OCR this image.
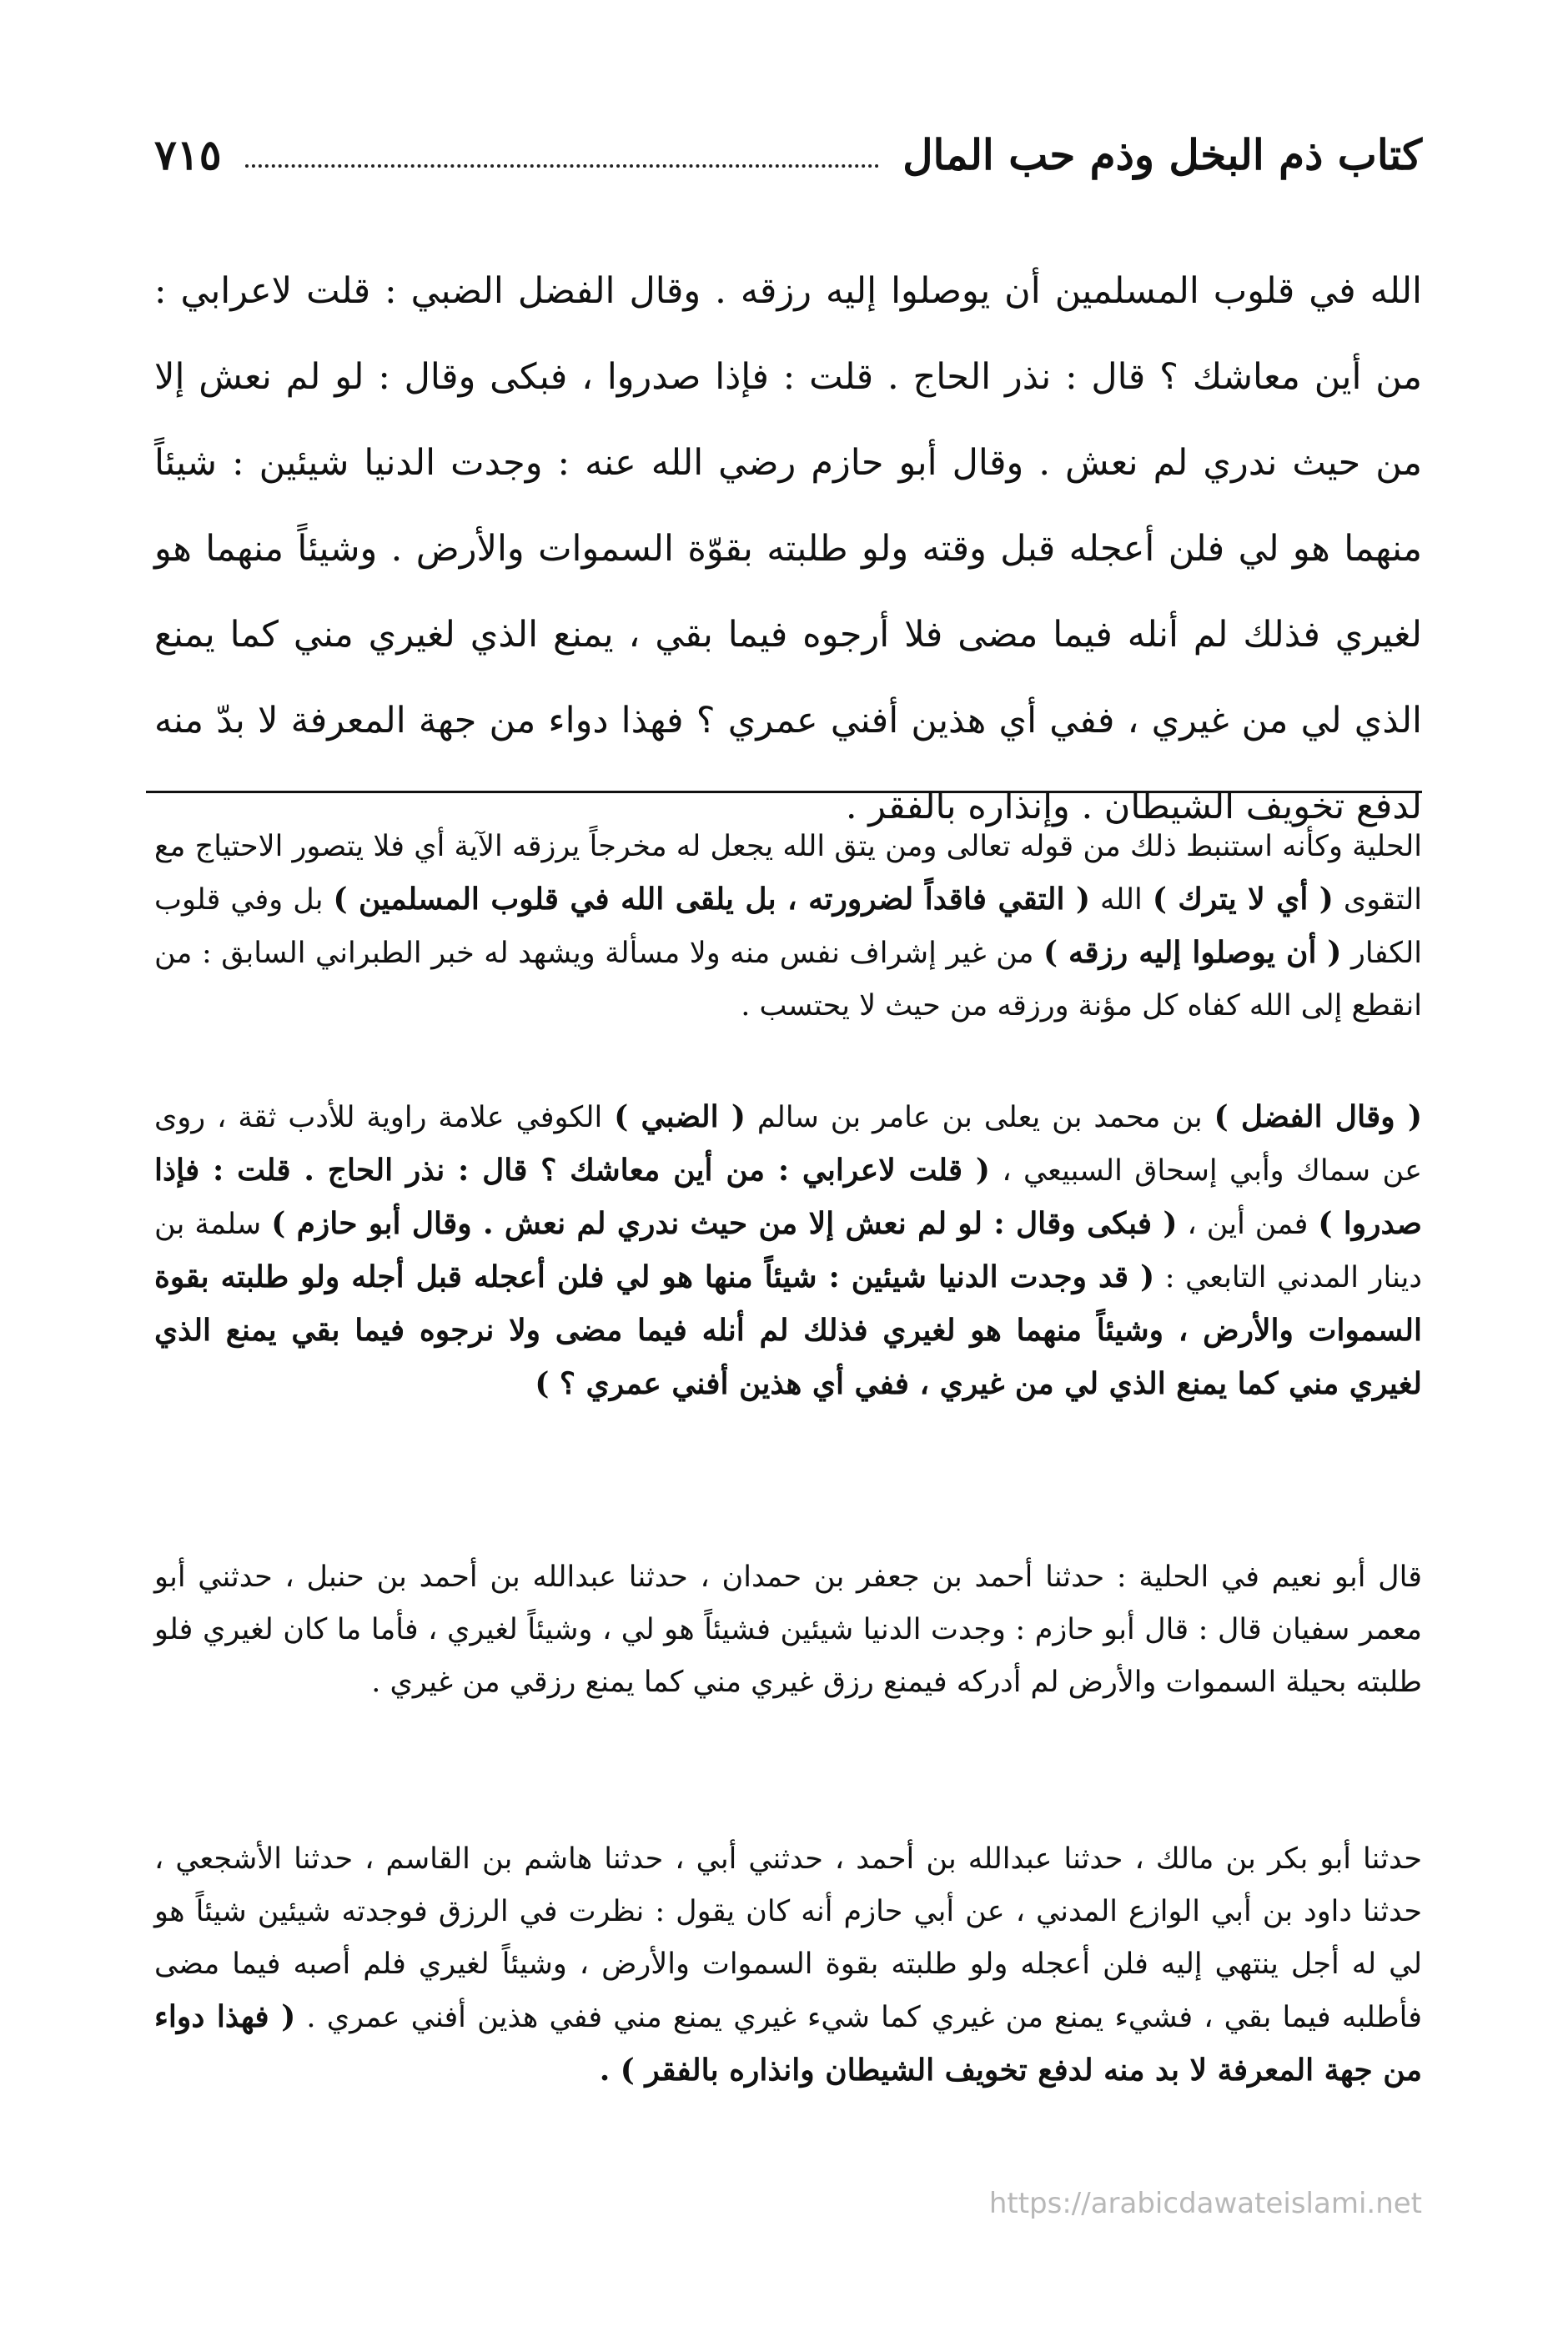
كتاب ذم البخل وذم حب المال
٧١٥

الله في قلوب المسلمين أن يوصلوا إليه رزقه . وقال الفضل الضبي : قلت لاعرابي : من أين معاشك ؟ قال : نذر الحاج . قلت : فإذا صدروا ، فبكى وقال : لو لم نعش إلا من حيث ندري لم نعش . وقال أبو حازم رضي الله عنه : وجدت الدنيا شيئين : شيئاً منهما هو لي فلن أعجله قبل وقته ولو طلبته بقوّة السموات والأرض . وشيئاً منهما هو لغيري فذلك لم أنله فيما مضى فلا أرجوه فيما بقي ، يمنع الذي لغيري مني كما يمنع الذي لي من غيري ، ففي أي هذين أفني عمري ؟ فهذا دواء من جهة المعرفة لا بدّ منه لدفع تخويف الشيطان . وإنذاره بالفقر .

الحلية وكأنه استنبط ذلك من قوله تعالى ومن يتق الله يجعل له مخرجاً يرزقه الآية أي فلا يتصور الاحتياج مع التقوى ( أي لا يترك ) الله ( التقي فاقداً لضرورته ، بل يلقى الله في قلوب المسلمين ) بل وفي قلوب الكفار ( أن يوصلوا إليه رزقه ) من غير إشراف نفس منه ولا مسألة ويشهد له خبر الطبراني السابق : من انقطع إلى الله كفاه كل مؤنة ورزقه من حيث لا يحتسب .

( وقال الفضل ) بن محمد بن يعلى بن عامر بن سالم ( الضبي ) الكوفي علامة راوية للأدب ثقة ، روى عن سماك وأبي إسحاق السبيعي ، ( قلت لاعرابي : من أين معاشك ؟ قال : نذر الحاج . قلت : فإذا صدروا ) فمن أين ، ( فبكى وقال : لو لم نعش إلا من حيث ندري لم نعش . وقال أبو حازم ) سلمة بن دينار المدني التابعي : ( قد وجدت الدنيا شيئين : شيئاً منها هو لي فلن أعجله قبل أجله ولو طلبته بقوة السموات والأرض ، وشيئاً منهما هو لغيري فذلك لم أنله فيما مضى ولا نرجوه فيما بقي يمنع الذي لغيري مني كما يمنع الذي لي من غيري ، ففي أي هذين أفني عمري ؟ )

قال أبو نعيم في الحلية : حدثنا أحمد بن جعفر بن حمدان ، حدثنا عبدالله بن أحمد بن حنبل ، حدثني أبو معمر سفيان قال : قال أبو حازم : وجدت الدنيا شيئين فشيئاً هو لي ، وشيئاً لغيري ، فأما ما كان لغيري فلو طلبته بحيلة السموات والأرض لم أدركه فيمنع رزق غيري مني كما يمنع رزقي من غيري .

حدثنا أبو بكر بن مالك ، حدثنا عبدالله بن أحمد ، حدثني أبي ، حدثنا هاشم بن القاسم ، حدثنا الأشجعي ، حدثنا داود بن أبي الوازع المدني ، عن أبي حازم أنه كان يقول : نظرت في الرزق فوجدته شيئين شيئاً هو لي له أجل ينتهي إليه فلن أعجله ولو طلبته بقوة السموات والأرض ، وشيئاً لغيري فلم أصبه فيما مضى فأطلبه فيما بقي ، فشيء يمنع من غيري كما شيء غيري يمنع مني ففي هذين أفني عمري . ( فهذا دواء من جهة المعرفة لا بد منه لدفع تخويف الشيطان وانذاره بالفقر ) .

https://arabicdawateislami.net
